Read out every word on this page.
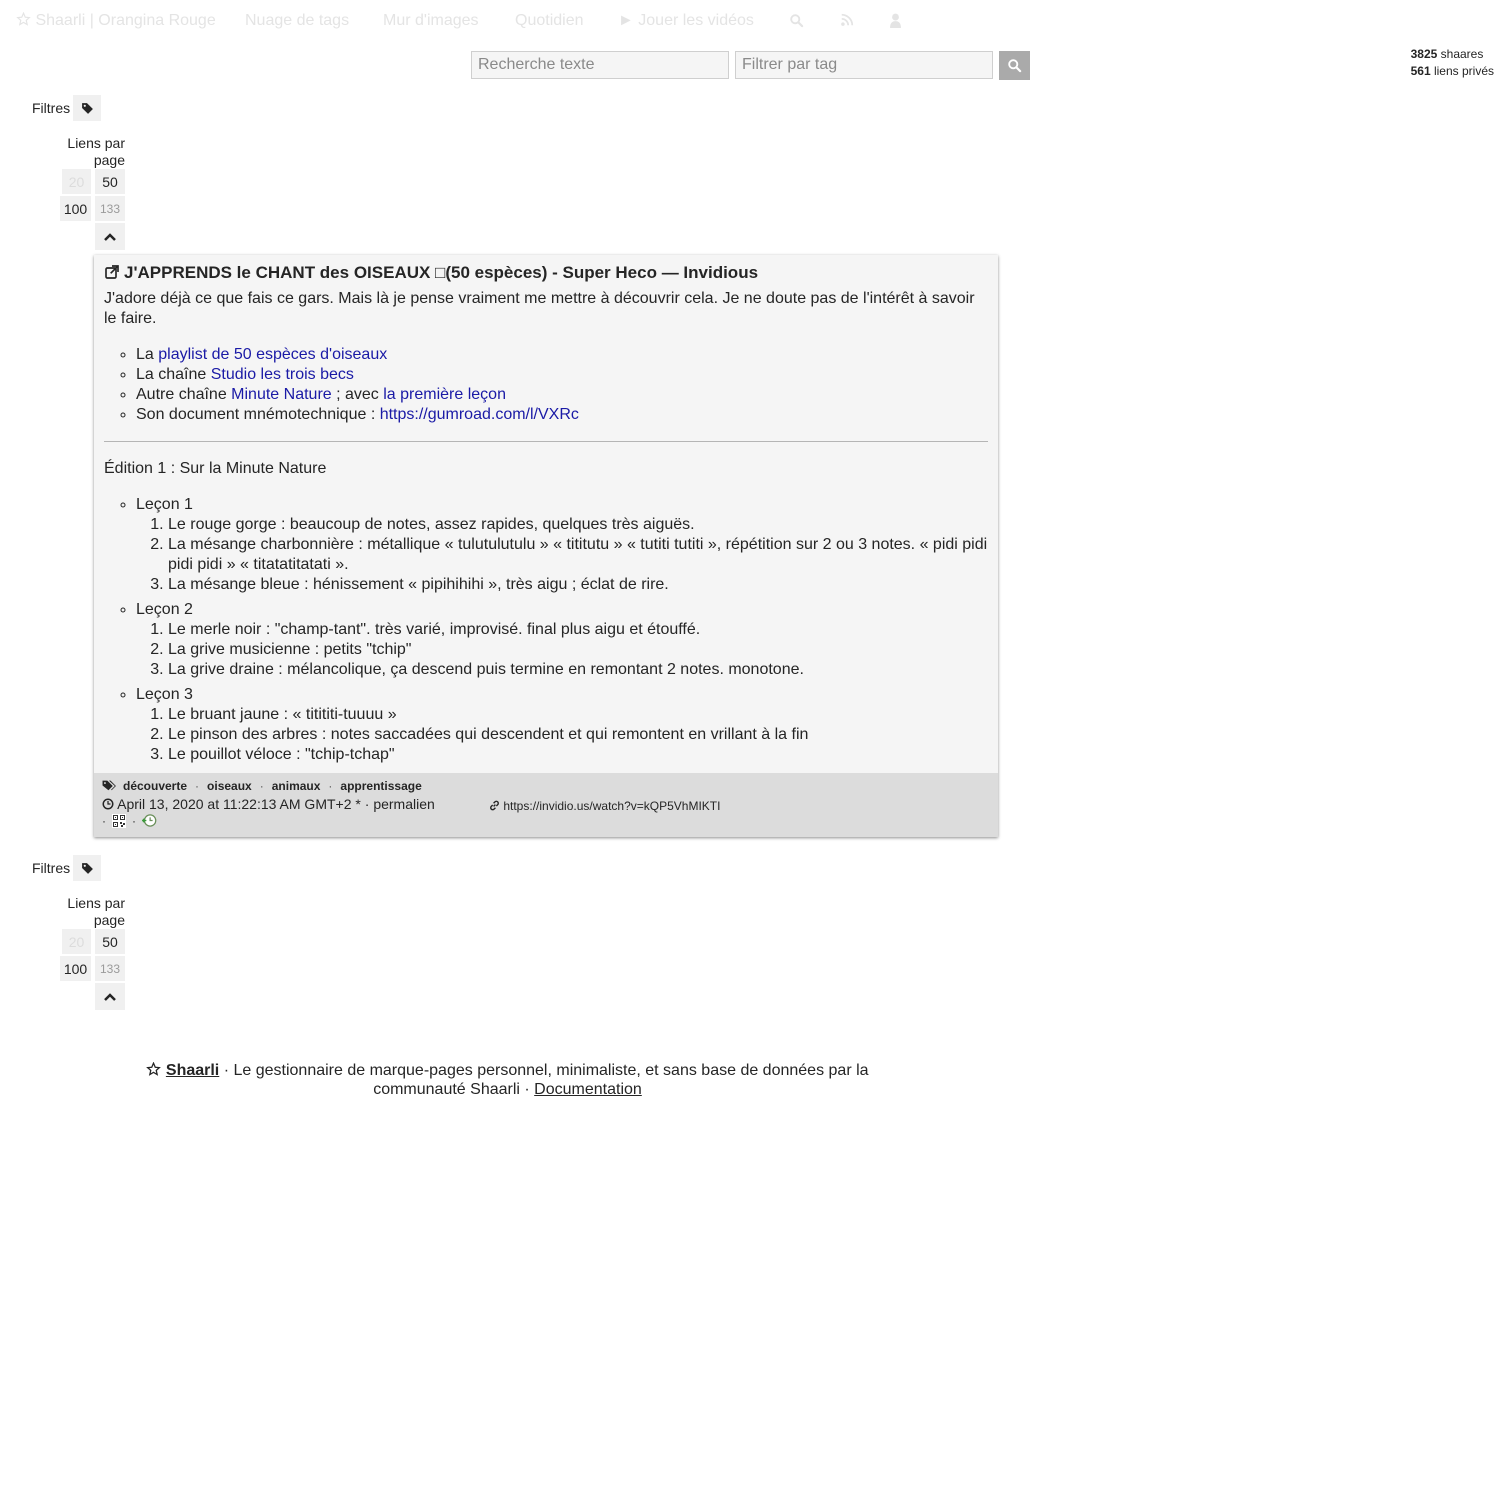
Shaarli | Orangina Rouge Nuage de tags Mur d'images Quotidien ► Jouer les vidéos
Recherche texte
Filtrer par tag
3825 shaares
561 liens privés
Filtres
Liens par page
20	50
100	133
J'APPRENDS le CHANT des OISEAUX □(50 espèces) - Super Heco — Invidious

J'adore déjà ce que fais ce gars. Mais là je pense vraiment me mettre à découvrir cela. Je ne doute pas de l'intérêt à savoir le faire.

◦ La playlist de 50 espèces d'oiseaux
◦ La chaîne Studio les trois becs
◦ Autre chaîne Minute Nature ; avec la première leçon
◦ Son document mnémotechnique : https://gumroad.com/l/VXRc

Édition 1 : Sur la Minute Nature

◦ Leçon 1
1. Le rouge gorge : beaucoup de notes, assez rapides, quelques très aiguës.
2. La mésange charbonnière : métallique « tulutulutulu » « tititutu » « tutiti tutiti », répétition sur 2 ou 3 notes. « pidi pidi pidi pidi » « titatatitatati ».
3. La mésange bleue : hénissement « pipihihihi », très aigu ; éclat de rire.
◦ Leçon 2
1. Le merle noir : "champ-tant". très varié, improvisé. final plus aigu et étouffé.
2. La grive musicienne : petits "tchip"
3. La grive draine : mélancolique, ça descend puis termine en remontant 2 notes. monotone.
◦ Leçon 3
1. Le bruant jaune : « titititi-tuuuu »
2. Le pinson des arbres : notes saccadées qui descendent et qui remontent en vrillant à la fin
3. Le pouillot véloce : "tchip-tchap"
découverte · oiseaux · animaux · apprentissage
April 13, 2020 at 11:22:13 AM GMT+2 * · permalien
· ·
https://invidio.us/watch?v=kQP5VhMIKTI
Filtres
Liens par page
20	50
100	133
Shaarli · Le gestionnaire de marque-pages personnel, minimaliste, et sans base de données par la communauté Shaarli · Documentation
